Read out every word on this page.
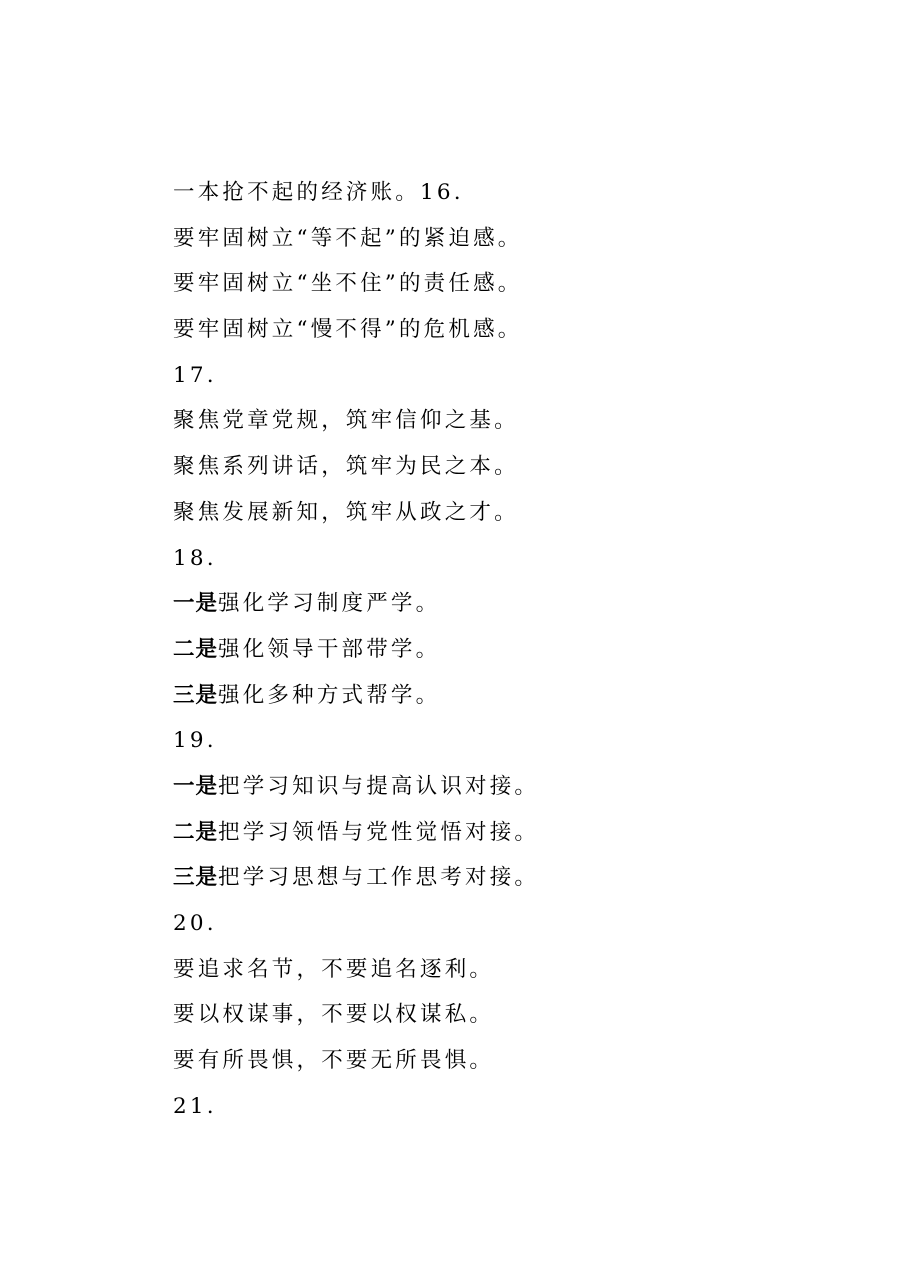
一本抢不起的经济账。16.
要牢固树立“等不起”的紧迫感。
要牢固树立“坐不住”的责任感。
要牢固树立“慢不得”的危机感。
17.
聚焦党章党规，筑牢信仰之基。
聚焦系列讲话，筑牢为民之本。
聚焦发展新知，筑牢从政之才。
18.
一是强化学习制度严学。
二是强化领导干部带学。
三是强化多种方式帮学。
19.
一是把学习知识与提高认识对接。
二是把学习领悟与党性觉悟对接。
三是把学习思想与工作思考对接。
20.
要追求名节，不要追名逐利。
要以权谋事，不要以权谋私。
要有所畏惧，不要无所畏惧。
21.
